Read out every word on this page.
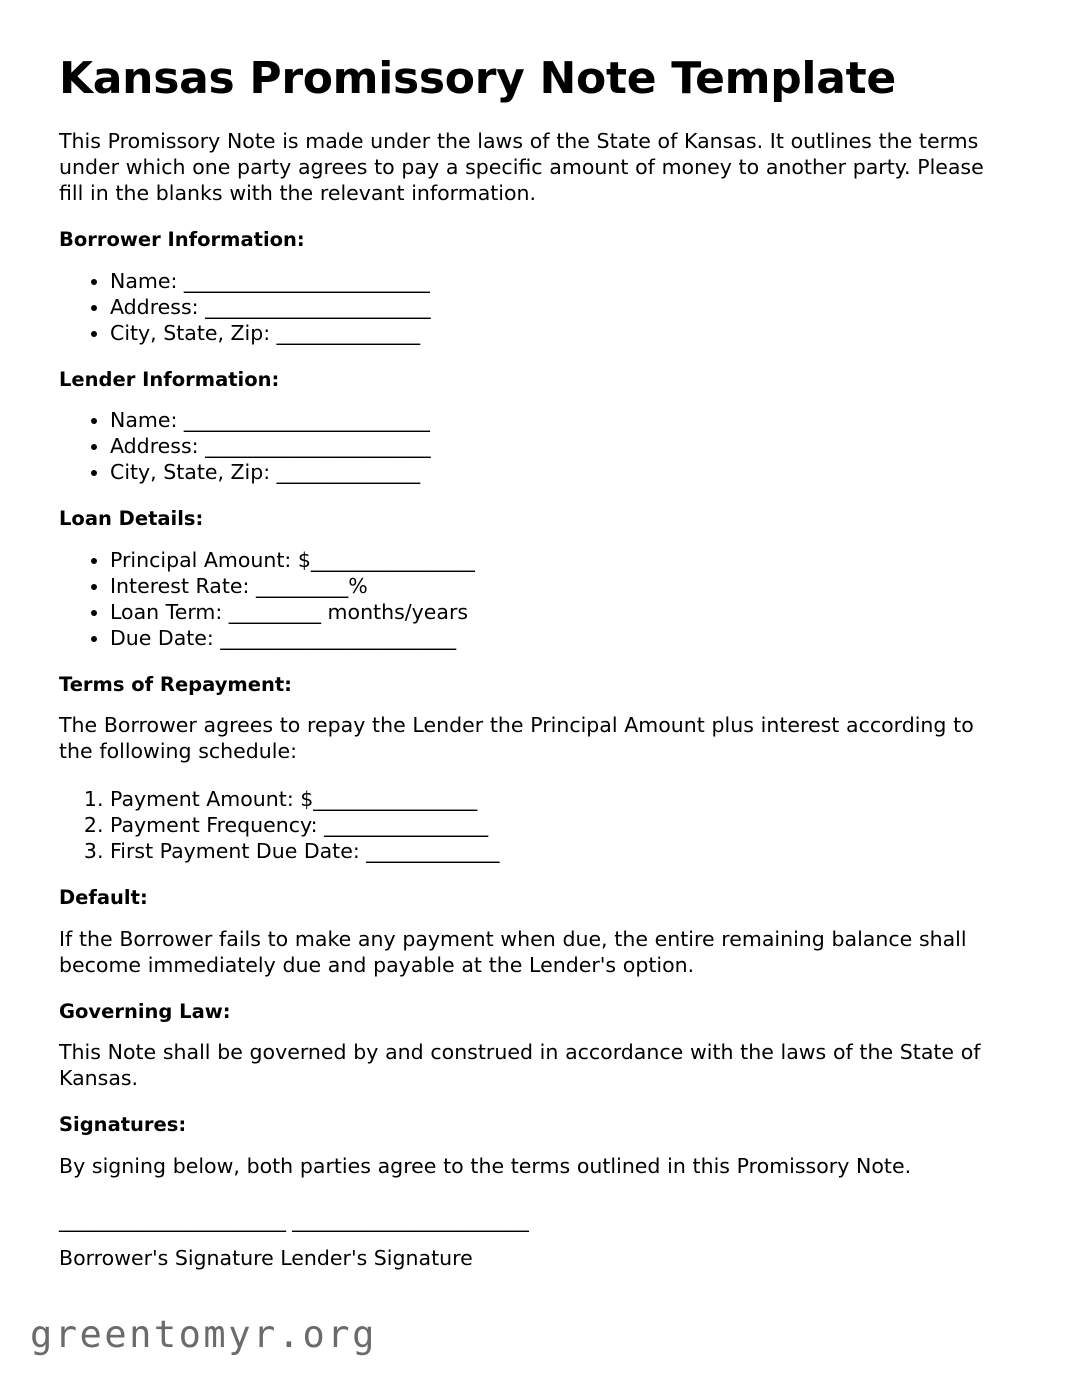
Kansas Promissory Note Template

This Promissory Note is made under the laws of the State of Kansas. It outlines the terms under which one party agrees to pay a specific amount of money to another party. Please fill in the blanks with the relevant information.

Borrower Information:
• Name: ________________________
• Address: ______________________
• City, State, Zip: ______________
Lender Information:
• Name: ________________________
• Address: ______________________
• City, State, Zip: ______________
Loan Details:
• Principal Amount: $________________
• Interest Rate: _________%
• Loan Term: _________ months/years
• Due Date: _______________________
Terms of Repayment:

The Borrower agrees to repay the Lender the Principal Amount plus interest according to the following schedule:

1. Payment Amount: $________________
2. Payment Frequency: ________________
3. First Payment Due Date: _____________
Default:

If the Borrower fails to make any payment when due, the entire remaining balance shall become immediately due and payable at the Lender's option.

Governing Law:

This Note shall be governed by and construed in accordance with the laws of the State of Kansas.

Signatures:

By signing below, both parties agree to the terms outlined in this Promissory Note.

_______________________ ________________________

Borrower's Signature Lender's Signature

greentomyr.org
